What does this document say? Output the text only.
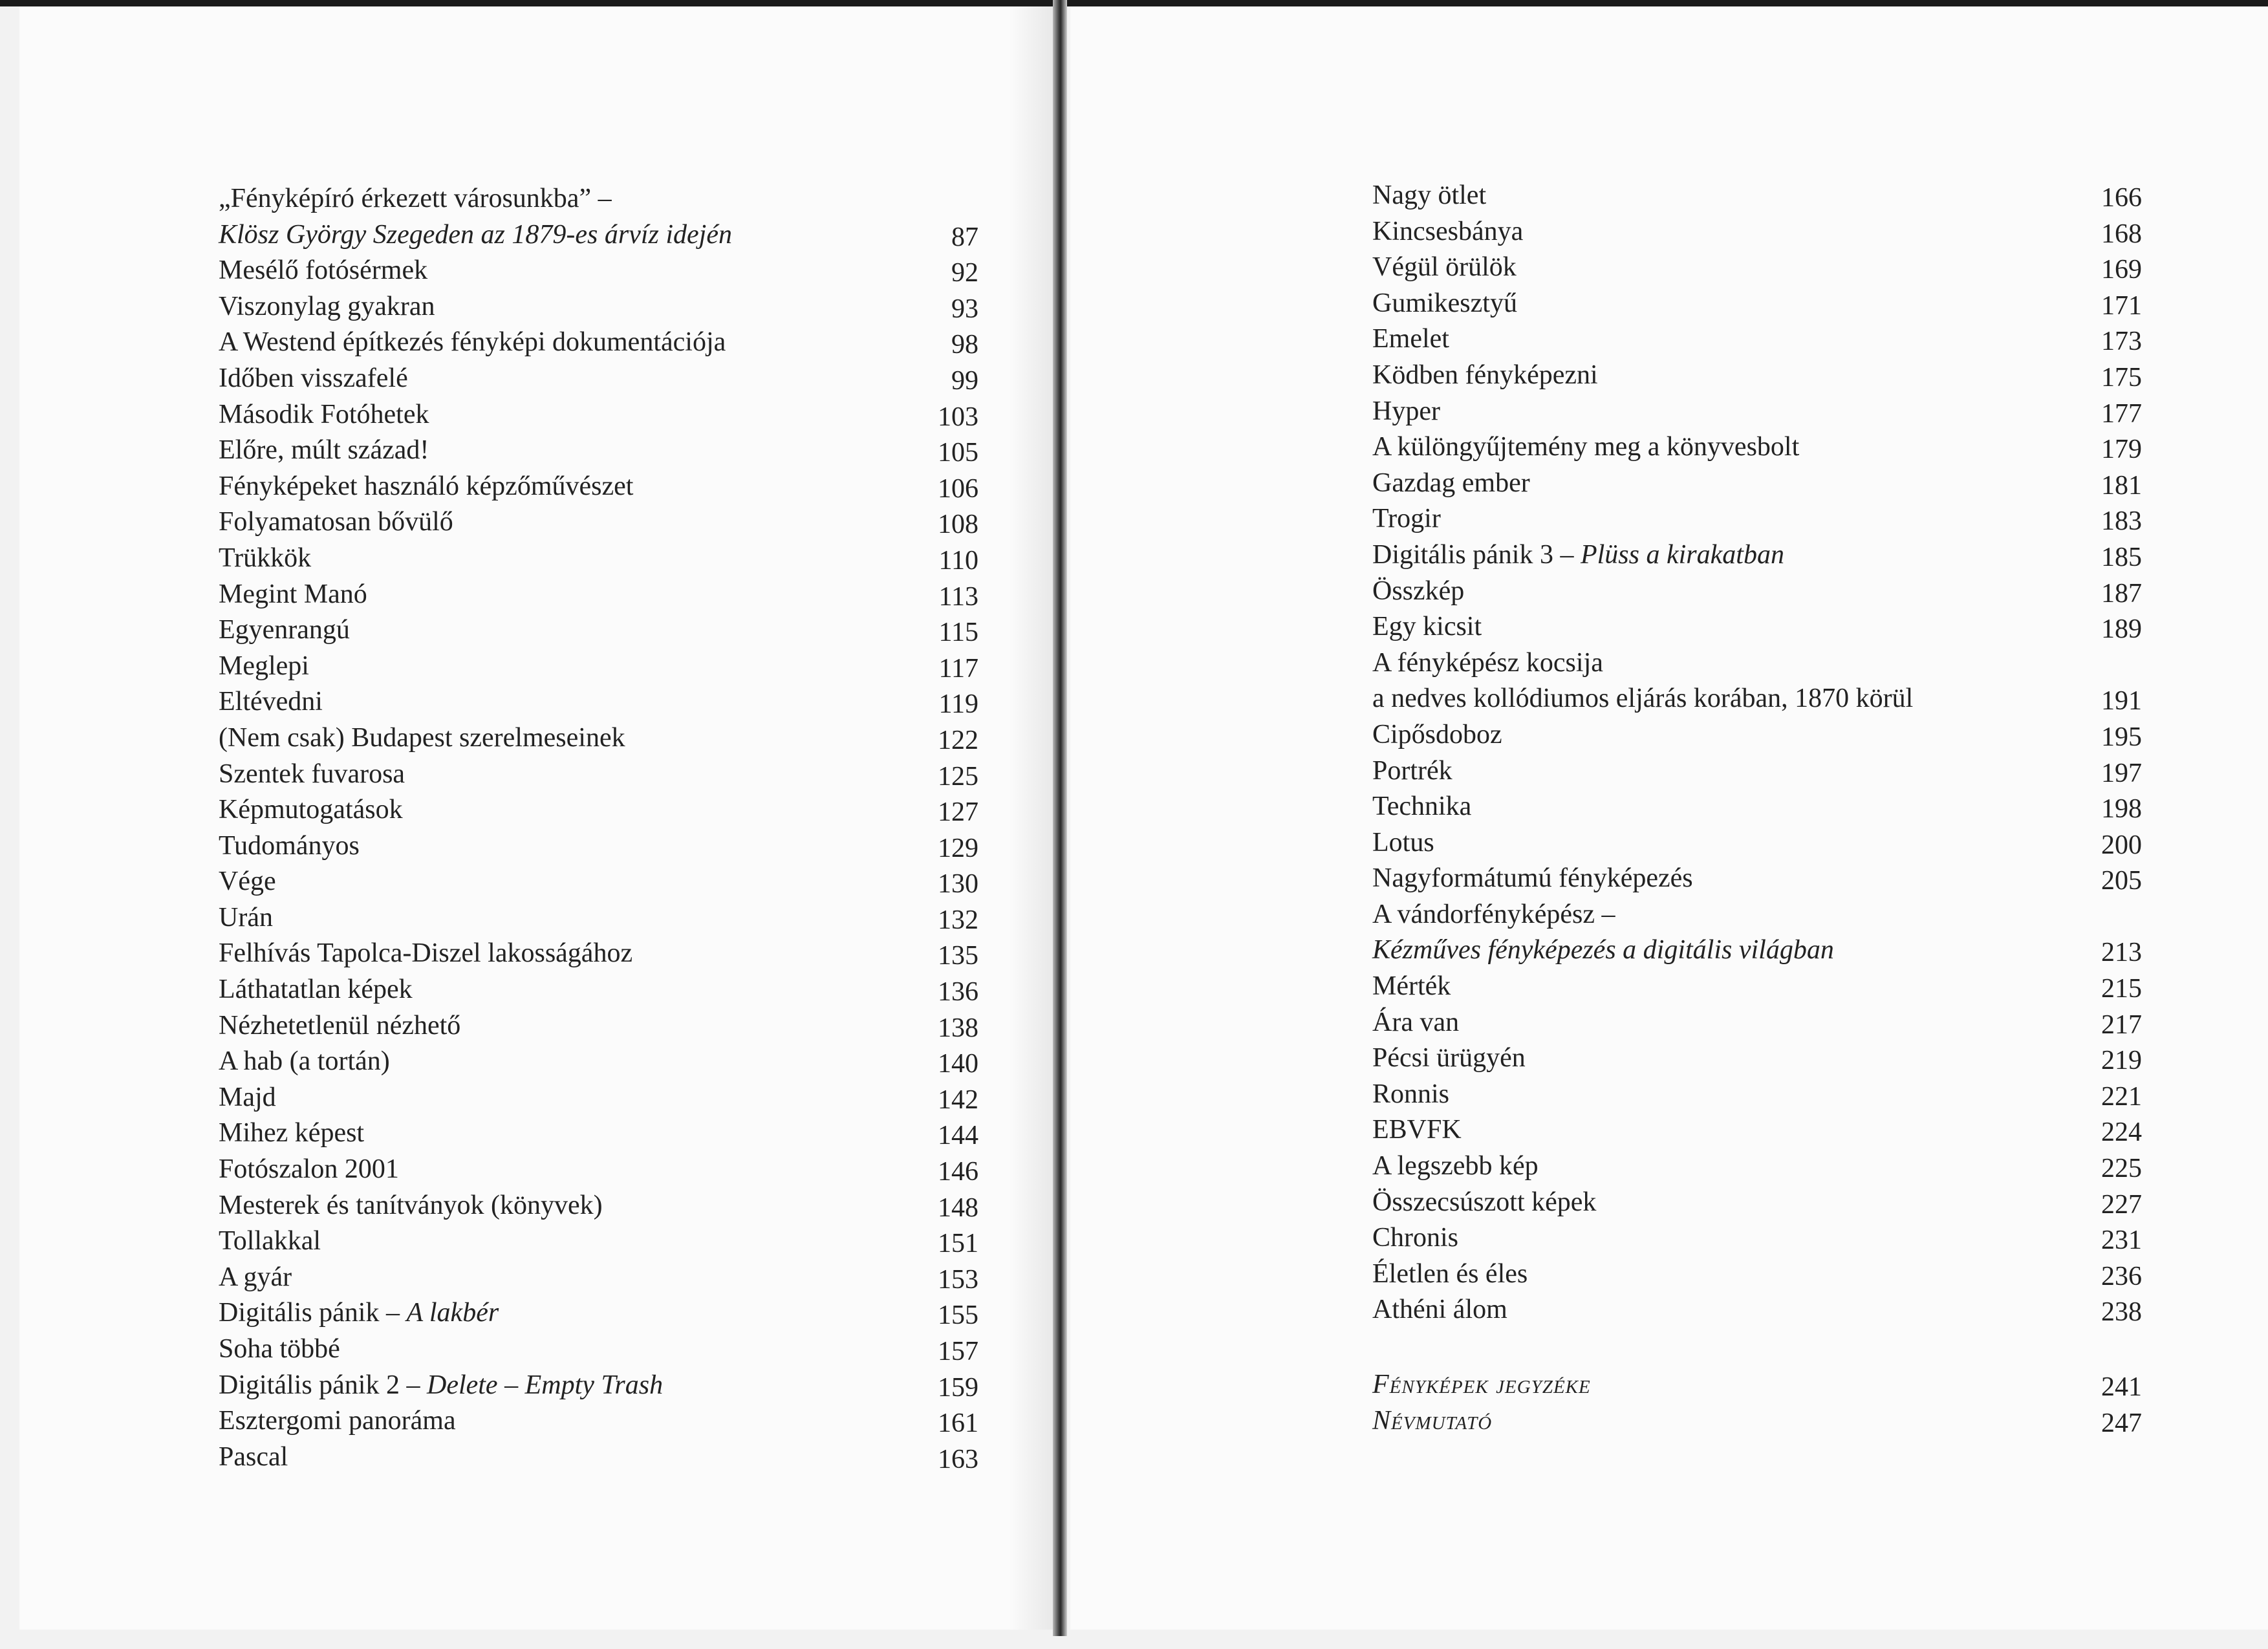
„Fényképíró érkezett városunkba” –
Klösz György Szegeden az 1879-es árvíz idején	87
Mesélő fotósérmek	92
Viszonylag gyakran	93
A Westend építkezés fényképi dokumentációja	98
Időben visszafelé	99
Második Fotóhetek	103
Előre, múlt század!	105
Fényképeket használó képzőművészet	106
Folyamatosan bővülő	108
Trükkök	110
Megint Manó	113
Egyenrangú	115
Meglepi	117
Eltévedni	119
(Nem csak) Budapest szerelmeseinek	122
Szentek fuvarosa	125
Képmutogatások	127
Tudományos	129
Vége	130
Urán	132
Felhívás Tapolca-Diszel lakosságához	135
Láthatatlan képek	136
Nézhetetlenül nézhető	138
A hab (a tortán)	140
Majd	142
Mihez képest	144
Fotószalon 2001	146
Mesterek és tanítványok (könyvek)	148
Tollakkal	151
A gyár	153
Digitális pánik – A lakbér	155
Soha többé	157
Digitális pánik 2 – Delete – Empty Trash	159
Esztergomi panoráma	161
Pascal	163
Nagy ötlet	166
Kincsesbánya	168
Végül örülök	169
Gumikesztyű	171
Emelet	173
Ködben fényképezni	175
Hyper	177
A különgyűjtemény meg a könyvesbolt	179
Gazdag ember	181
Trogir	183
Digitális pánik 3 – Plüss a kirakatban	185
Összkép	187
Egy kicsit	189
A fényképész kocsija
a nedves kollódiumos eljárás korában, 1870 körül	191
Cipősdoboz	195
Portrék	197
Technika	198
Lotus	200
Nagyformátumú fényképezés	205
A vándorfényképész –
Kézműves fényképezés a digitális világban	213
Mérték	215
Ára van	217
Pécsi ürügyén	219
Ronnis	221
EBVFK	224
A legszebb kép	225
Összecsúszott képek	227
Chronis	231
Életlen és éles	236
Athéni álom	238
Fényképek jegyzéke	241
Névmutató	247
